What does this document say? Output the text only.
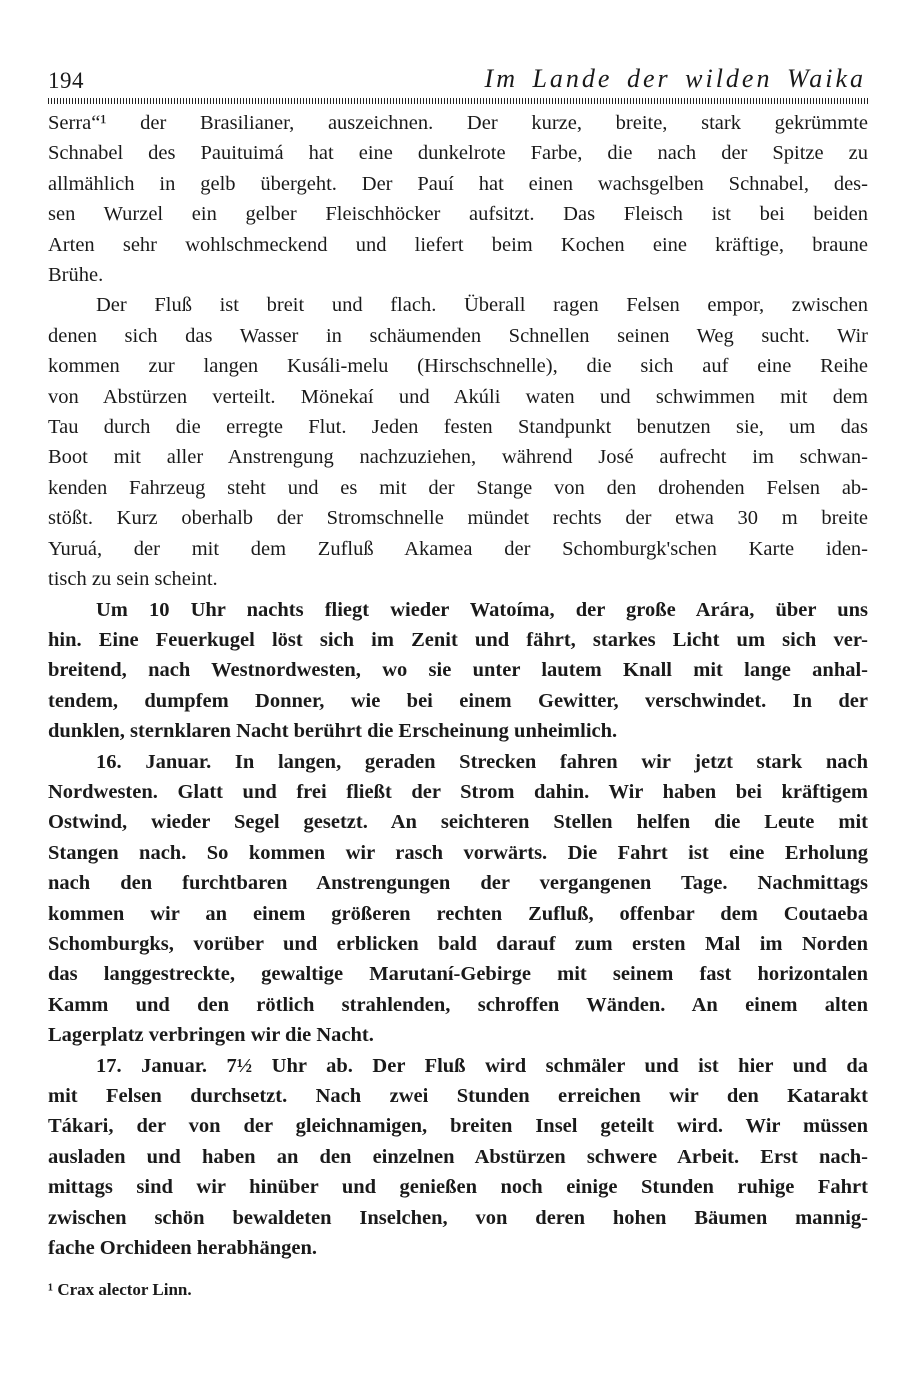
194	Im Lande der wilden Waika
Serra“¹ der Brasilianer, auszeichnen. Der kurze, breite, stark gekrümmte
Schnabel des Pauituimá hat eine dunkelrote Farbe, die nach der Spitze zu
allmählich in gelb übergeht. Der Pauí hat einen wachsgelben Schnabel, des-
sen Wurzel ein gelber Fleischhöcker aufsitzt. Das Fleisch ist bei beiden
Arten sehr wohlschmeckend und liefert beim Kochen eine kräftige, braune
Brühe.
Der Fluß ist breit und flach. Überall ragen Felsen empor, zwischen
denen sich das Wasser in schäumenden Schnellen seinen Weg sucht. Wir
kommen zur langen Kusáli-melu (Hirschschnelle), die sich auf eine Reihe
von Abstürzen verteilt. Mönekaí und Akúli waten und schwimmen mit dem
Tau durch die erregte Flut. Jeden festen Standpunkt benutzen sie, um das
Boot mit aller Anstrengung nachzuziehen, während José aufrecht im schwan-
kenden Fahrzeug steht und es mit der Stange von den drohenden Felsen ab-
stößt. Kurz oberhalb der Stromschnelle mündet rechts der etwa 30 m breite
Yuruá, der mit dem Zufluß Akamea der Schomburgk'schen Karte iden-
tisch zu sein scheint.
Um 10 Uhr nachts fliegt wieder Watoíma, der große Arára, über uns
hin. Eine Feuerkugel löst sich im Zenit und fährt, starkes Licht um sich ver-
breitend, nach Westnordwesten, wo sie unter lautem Knall mit lange anhal-
tendem, dumpfem Donner, wie bei einem Gewitter, verschwindet. In der
dunklen, sternklaren Nacht berührt die Erscheinung unheimlich.
16. Januar. In langen, geraden Strecken fahren wir jetzt stark nach
Nordwesten. Glatt und frei fließt der Strom dahin. Wir haben bei kräftigem
Ostwind, wieder Segel gesetzt. An seichteren Stellen helfen die Leute mit
Stangen nach. So kommen wir rasch vorwärts. Die Fahrt ist eine Erholung
nach den furchtbaren Anstrengungen der vergangenen Tage. Nachmittags
kommen wir an einem größeren rechten Zufluß, offenbar dem Coutaeba
Schomburgks, vorüber und erblicken bald darauf zum ersten Mal im Norden
das langgestreckte, gewaltige Marutaní-Gebirge mit seinem fast horizontalen
Kamm und den rötlich strahlenden, schroffen Wänden. An einem alten
Lagerplatz verbringen wir die Nacht.
17. Januar. 7½ Uhr ab. Der Fluß wird schmäler und ist hier und da
mit Felsen durchsetzt. Nach zwei Stunden erreichen wir den Katarakt
Tákari, der von der gleichnamigen, breiten Insel geteilt wird. Wir müssen
ausladen und haben an den einzelnen Abstürzen schwere Arbeit. Erst nach-
mittags sind wir hinüber und genießen noch einige Stunden ruhige Fahrt
zwischen schön bewaldeten Inselchen, von deren hohen Bäumen mannig-
fache Orchideen herabhängen.
¹ Crax alector Linn.
